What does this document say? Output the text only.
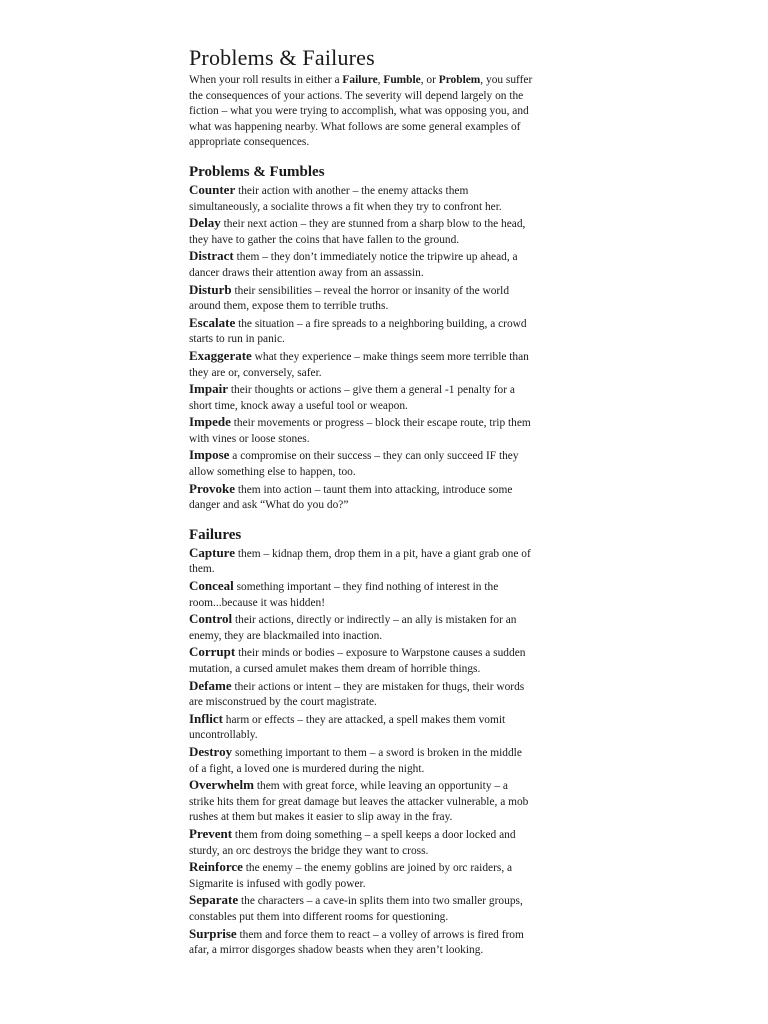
Problems & Failures

When your roll results in either a Failure, Fumble, or Problem, you suffer the consequences of your actions. The severity will depend largely on the fiction – what you were trying to accomplish, what was opposing you, and what was happening nearby. What follows are some general examples of appropriate consequences.

Problems & Fumbles

Counter their action with another – the enemy attacks them simultaneously, a socialite throws a fit when they try to confront her.

Delay their next action – they are stunned from a sharp blow to the head, they have to gather the coins that have fallen to the ground.

Distract them – they don’t immediately notice the tripwire up ahead, a dancer draws their attention away from an assassin.

Disturb their sensibilities – reveal the horror or insanity of the world around them, expose them to terrible truths.

Escalate the situation – a fire spreads to a neighboring building, a crowd starts to run in panic.

Exaggerate what they experience – make things seem more terrible than they are or, conversely, safer.

Impair their thoughts or actions – give them a general -1 penalty for a short time, knock away a useful tool or weapon.

Impede their movements or progress – block their escape route, trip them with vines or loose stones.

Impose a compromise on their success – they can only succeed IF they allow something else to happen, too.

Provoke them into action – taunt them into attacking, introduce some danger and ask “What do you do?”

Failures

Capture them – kidnap them, drop them in a pit, have a giant grab one of them.

Conceal something important – they find nothing of interest in the room...because it was hidden!

Control their actions, directly or indirectly – an ally is mistaken for an enemy, they are blackmailed into inaction.

Corrupt their minds or bodies – exposure to Warpstone causes a sudden mutation, a cursed amulet makes them dream of horrible things.

Defame their actions or intent – they are mistaken for thugs, their words are misconstrued by the court magistrate.

Inflict harm or effects – they are attacked, a spell makes them vomit uncontrollably.

Destroy something important to them – a sword is broken in the middle of a fight, a loved one is murdered during the night.

Overwhelm them with great force, while leaving an opportunity – a strike hits them for great damage but leaves the attacker vulnerable, a mob rushes at them but makes it easier to slip away in the fray.

Prevent them from doing something – a spell keeps a door locked and sturdy, an orc destroys the bridge they want to cross.

Reinforce the enemy – the enemy goblins are joined by orc raiders, a Sigmarite is infused with godly power.

Separate the characters – a cave-in splits them into two smaller groups, constables put them into different rooms for questioning.

Surprise them and force them to react – a volley of arrows is fired from afar, a mirror disgorges shadow beasts when they aren’t looking.
